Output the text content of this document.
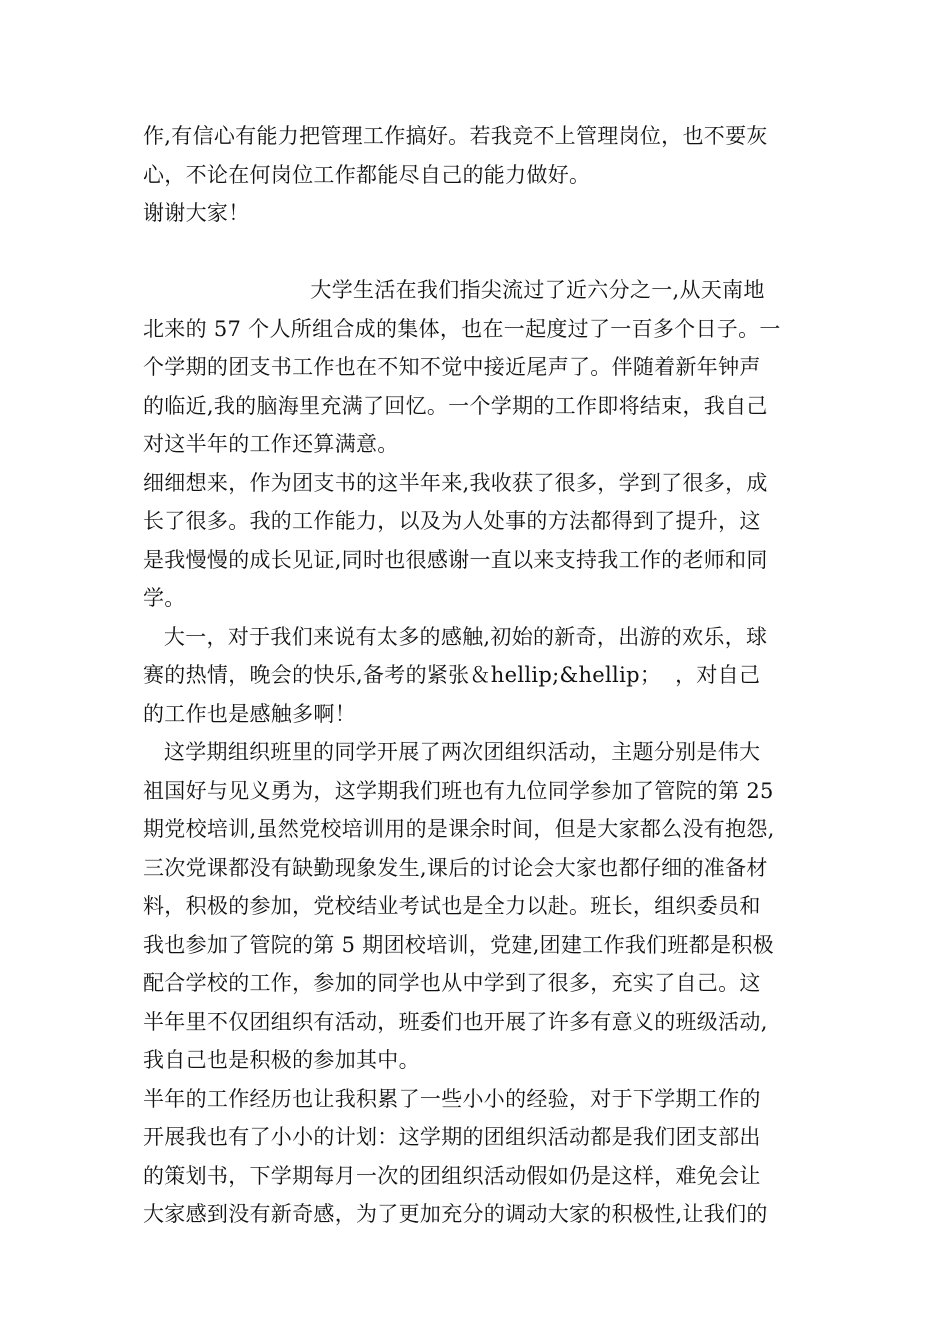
作,有信心有能力把管理工作搞好。若我竞不上管理岗位，也不要灰
心，不论在何岗位工作都能尽自己的能力做好。
谢谢大家！
大学生活在我们指尖流过了近六分之一,从天南地
北来的 57 个人所组合成的集体，也在一起度过了一百多个日子。一
个学期的团支书工作也在不知不觉中接近尾声了。伴随着新年钟声
的临近,我的脑海里充满了回忆。一个学期的工作即将结束，我自己
对这半年的工作还算满意。
细细想来，作为团支书的这半年来,我收获了很多，学到了很多，成
长了很多。我的工作能力，以及为人处事的方法都得到了提升，这
是我慢慢的成长见证,同时也很感谢一直以来支持我工作的老师和同
学。
大一，对于我们来说有太多的感触,初始的新奇，出游的欢乐，球
赛的热情，晚会的快乐,备考的紧张＆hellip;&hellip；  ，对自己
的工作也是感触多啊！
这学期组织班里的同学开展了两次团组织活动，主题分别是伟大
祖国好与见义勇为，这学期我们班也有九位同学参加了管院的第 25
期党校培训,虽然党校培训用的是课余时间，但是大家都么没有抱怨,
三次党课都没有缺勤现象发生,课后的讨论会大家也都仔细的准备材
料，积极的参加，党校结业考试也是全力以赴。班长，组织委员和
我也参加了管院的第 5 期团校培训，党建,团建工作我们班都是积极
配合学校的工作，参加的同学也从中学到了很多，充实了自己。这
半年里不仅团组织有活动，班委们也开展了许多有意义的班级活动,
我自己也是积极的参加其中。
半年的工作经历也让我积累了一些小小的经验，对于下学期工作的
开展我也有了小小的计划：这学期的团组织活动都是我们团支部出
的策划书，下学期每月一次的团组织活动假如仍是这样，难免会让
大家感到没有新奇感，为了更加充分的调动大家的积极性,让我们的
